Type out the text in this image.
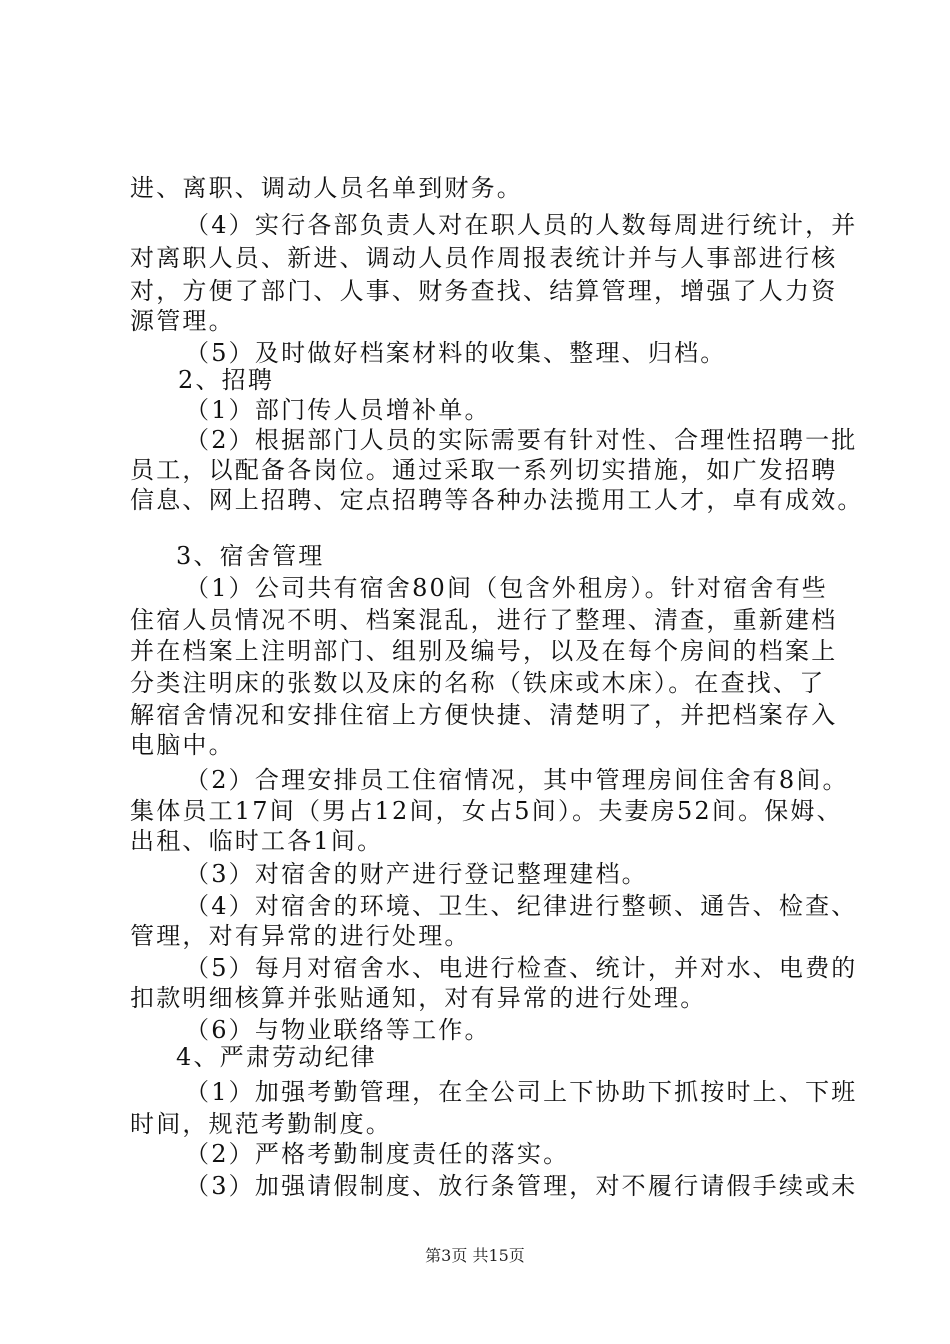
进、离职、调动人员名单到财务。
（4）实行各部负责人对在职人员的人数每周进行统计，并
对离职人员、新进、调动人员作周报表统计并与人事部进行核
对，方便了部门、人事、财务查找、结算管理，增强了人力资
源管理。
（5）及时做好档案材料的收集、整理、归档。
2、招聘
（1）部门传人员增补单。
（2）根据部门人员的实际需要有针对性、合理性招聘一批
员工，以配备各岗位。通过采取一系列切实措施，如广发招聘
信息、网上招聘、定点招聘等各种办法揽用工人才，卓有成效。
3、宿舍管理
（1）公司共有宿舍80间（包含外租房）。针对宿舍有些
住宿人员情况不明、档案混乱，进行了整理、清查，重新建档
并在档案上注明部门、组别及编号，以及在每个房间的档案上
分类注明床的张数以及床的名称（铁床或木床）。在查找、了
解宿舍情况和安排住宿上方便快捷、清楚明了，并把档案存入
电脑中。
（2）合理安排员工住宿情况，其中管理房间住舍有8间。
集体员工17间（男占12间，女占5间）。夫妻房52间。保姆、
出租、临时工各1间。
（3）对宿舍的财产进行登记整理建档。
（4）对宿舍的环境、卫生、纪律进行整顿、通告、检查、
管理，对有异常的进行处理。
（5）每月对宿舍水、电进行检查、统计，并对水、电费的
扣款明细核算并张贴通知，对有异常的进行处理。
（6）与物业联络等工作。
4、严肃劳动纪律
（1）加强考勤管理，在全公司上下协助下抓按时上、下班
时间，规范考勤制度。
（2）严格考勤制度责任的落实。
（3）加强请假制度、放行条管理，对不履行请假手续或未
第3页 共15页
